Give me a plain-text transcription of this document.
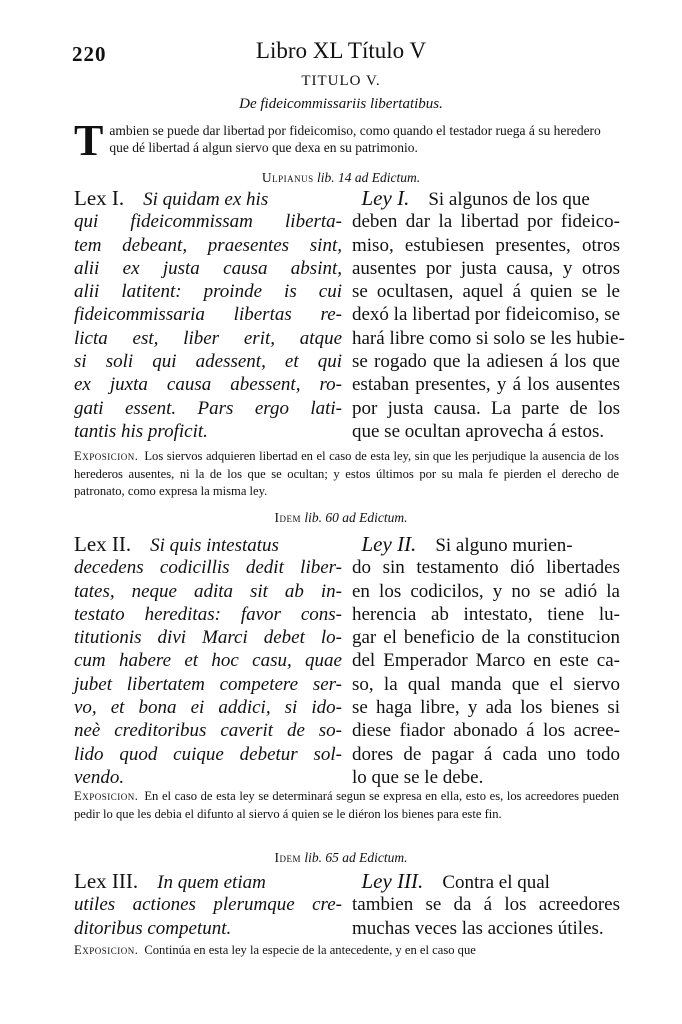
220	Libro XL Título V
TITULO V.
De fideicommissariis libertatibus.
T ambien se puede dar libertad por fideicomiso, como quando el testador ruega á su heredero que dé libertad á algun siervo que dexa en su patrimonio.
Ulpianus lib. 14 ad Edictum.
Lex I.  Si quidam ex his
qui fideicommissam liberta-
tem debeant, praesentes sint,
alii ex justa causa absint,
alii latitent: proinde is cui
fideicommissaria libertas re-
licta est, liber erit, atque
si soli qui adessent, et qui
ex juxta causa abessent, ro-
gati essent. Pars ergo lati-
tantis his proficit.
 Ley I.  Si algunos de los que
deben dar la libertad por fideico-
miso, estubiesen presentes, otros
ausentes por justa causa, y otros
se ocultasen, aquel á quien se le
dexó la libertad por fideicomiso, se
hará libre como si solo se les hubie-
se rogado que la adiesen á los que
estaban presentes, y á los ausentes
por justa causa. La parte de los
que se ocultan aprovecha á estos.
Exposicion. Los siervos adquieren libertad en el caso de esta ley, sin que les perjudique la ausencia de los herederos ausentes, ni la de los que se ocultan; y estos últimos por su mala fe pierden el derecho de patronato, como expresa la misma ley.
Idem lib. 60 ad Edictum.
Lex II.  Si quis intestatus
decedens codicillis dedit liber-
tates, neque adita sit ab in-
testato hereditas: favor cons-
titutionis divi Marci debet lo-
cum habere et hoc casu, quae
jubet libertatem competere ser-
vo, et bona ei addici, si ido-
neè creditoribus caverit de so-
lido quod cuique debetur sol-
vendo.
 Ley II.  Si alguno murien-
do sin testamento dió libertades
en los codicilos, y no se adió la
herencia ab intestato, tiene lu-
gar el beneficio de la constitucion
del Emperador Marco en este ca-
so, la qual manda que el siervo
se haga libre, y ada los bienes si
diese fiador abonado á los acree-
dores de pagar á cada uno todo
lo que se le debe.
Exposicion. En el caso de esta ley se determinará segun se expresa en ella, esto es, los acreedores pueden pedir lo que les debia el difunto al siervo á quien se le diéron los bienes para este fin.
Idem lib. 65 ad Edictum.
Lex III.  In quem etiam
utiles actiones plerumque cre-
ditoribus competunt.
 Ley III.  Contra el qual
tambien se da á los acreedores
muchas veces las acciones útiles.
Exposicion. Continúa en esta ley la especie de la antecedente, y en el caso que
